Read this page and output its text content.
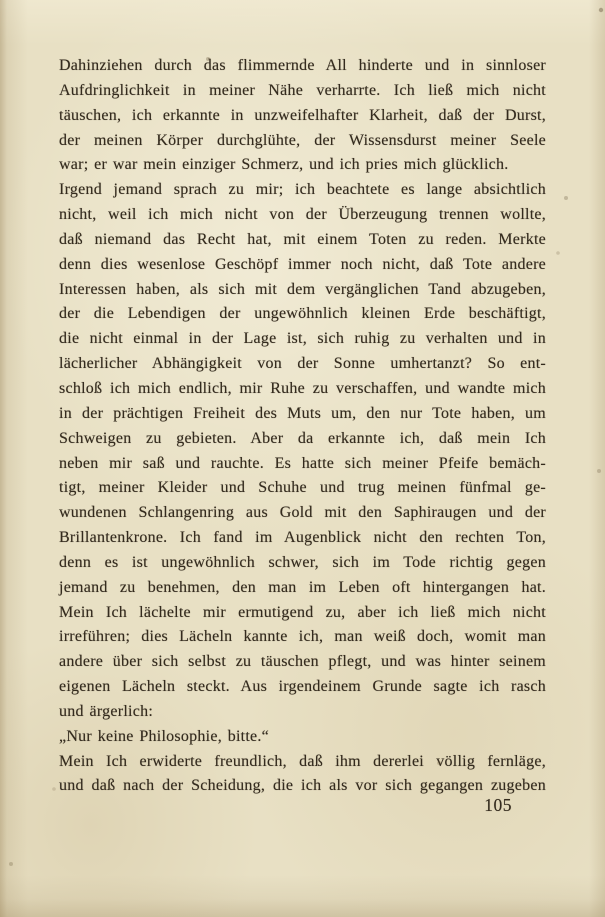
Dahinziehen durch das flimmernde All hinderte und in sinnloser
Aufdringlichkeit in meiner Nähe verharrte. Ich ließ mich nicht
täuschen, ich erkannte in unzweifelhafter Klarheit, daß der Durst,
der meinen Körper durchglühte, der Wissensdurst meiner Seele
war; er war mein einziger Schmerz, und ich pries mich glücklich.
Irgend jemand sprach zu mir; ich beachtete es lange absichtlich
nicht, weil ich mich nicht von der Überzeugung trennen wollte,
daß niemand das Recht hat, mit einem Toten zu reden. Merkte
denn dies wesenlose Geschöpf immer noch nicht, daß Tote andere
Interessen haben, als sich mit dem vergänglichen Tand abzugeben,
der die Lebendigen der ungewöhnlich kleinen Erde beschäftigt,
die nicht einmal in der Lage ist, sich ruhig zu verhalten und in
lächerlicher Abhängigkeit von der Sonne umhertanzt? So ent-
schloß ich mich endlich, mir Ruhe zu verschaffen, und wandte mich
in der prächtigen Freiheit des Muts um, den nur Tote haben, um
Schweigen zu gebieten. Aber da erkannte ich, daß mein Ich
neben mir saß und rauchte. Es hatte sich meiner Pfeife bemäch-
tigt, meiner Kleider und Schuhe und trug meinen fünfmal ge-
wundenen Schlangenring aus Gold mit den Saphiraugen und der
Brillantenkrone. Ich fand im Augenblick nicht den rechten Ton,
denn es ist ungewöhnlich schwer, sich im Tode richtig gegen
jemand zu benehmen, den man im Leben oft hintergangen hat.
Mein Ich lächelte mir ermutigend zu, aber ich ließ mich nicht
irreführen; dies Lächeln kannte ich, man weiß doch, womit man
andere über sich selbst zu täuschen pflegt, und was hinter seinem
eigenen Lächeln steckt. Aus irgendeinem Grunde sagte ich rasch
und ärgerlich:
„Nur keine Philosophie, bitte.“
Mein Ich erwiderte freundlich, daß ihm dererlei völlig fernläge,
und daß nach der Scheidung, die ich als vor sich gegangen zugeben
105
